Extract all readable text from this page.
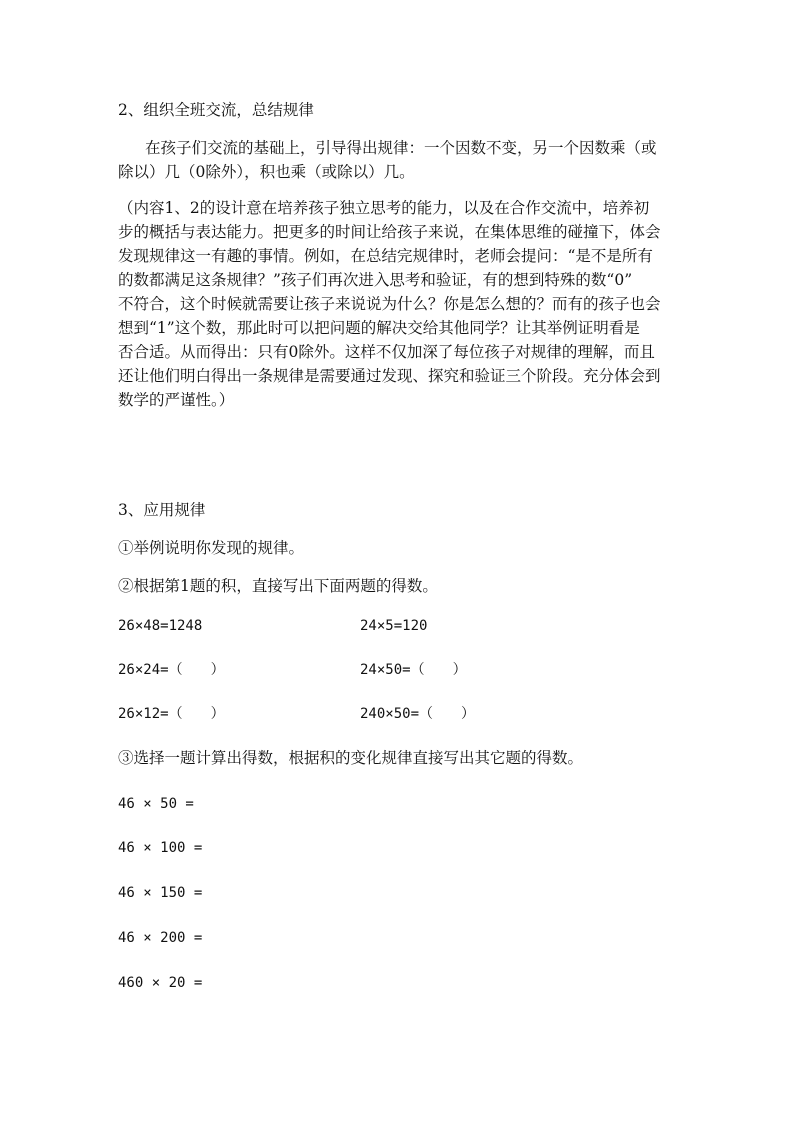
2、组织全班交流，总结规律

在孩子们交流的基础上，引导得出规律：一个因数不变，另一个因数乘（或

除以）几（0除外），积也乘（或除以）几。

（内容1、2的设计意在培养孩子独立思考的能力，以及在合作交流中，培养初

步的概括与表达能力。把更多的时间让给孩子来说，在集体思维的碰撞下，体会

发现规律这一有趣的事情。例如，在总结完规律时，老师会提问：“是不是所有

的数都满足这条规律？”孩子们再次进入思考和验证，有的想到特殊的数“0”

不符合，这个时候就需要让孩子来说说为什么？你是怎么想的？而有的孩子也会

想到“1”这个数，那此时可以把问题的解决交给其他同学？让其举例证明看是

否合适。从而得出：只有0除外。这样不仅加深了每位孩子对规律的理解，而且

还让他们明白得出一条规律是需要通过发现、探究和验证三个阶段。充分体会到

数学的严谨性。）

3、应用规律
①举例说明你发现的规律。
②根据第1题的积，直接写出下面两题的得数。
26×48=1248	24×5=120
26×24=（　　）	24×50=（　　）
26×12=（　　）	240×50=（　　）
③选择一题计算出得数，根据积的变化规律直接写出其它题的得数。
46 × 50 =
46 × 100 =
46 × 150 =
46 × 200 =
460 × 20 =
